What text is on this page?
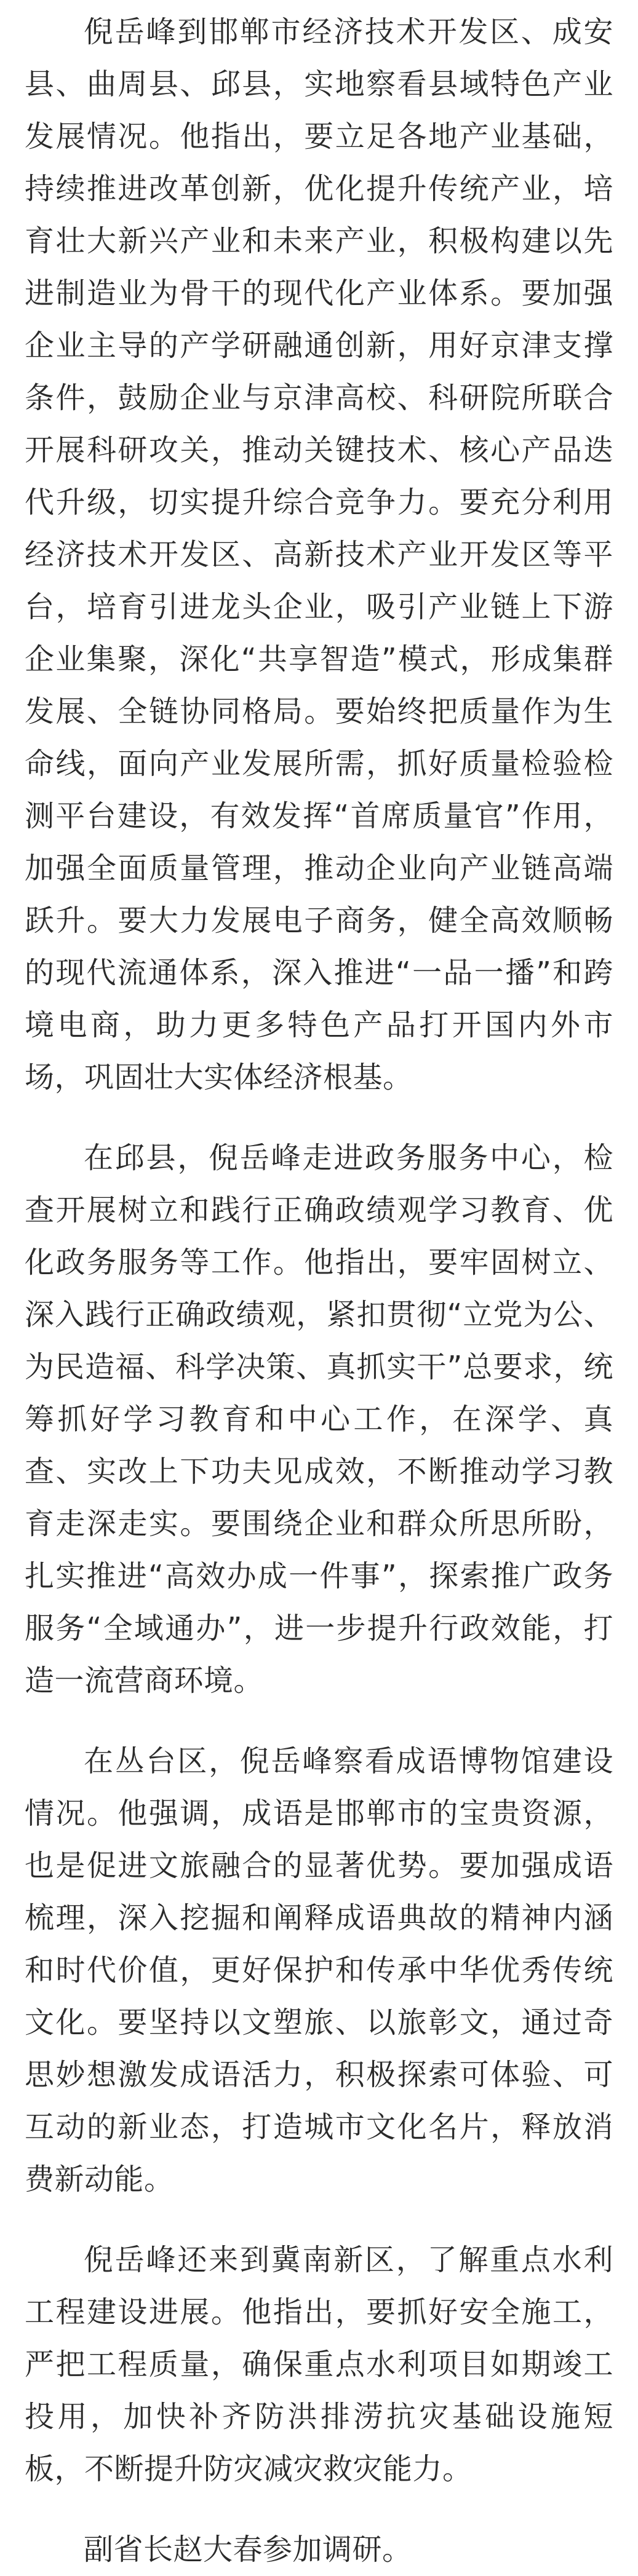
倪岳峰到邯郸市经济技术开发区、成安县、曲周县、邱县，实地察看县域特色产业发展情况。他指出，要立足各地产业基础，持续推进改革创新，优化提升传统产业，培育壮大新兴产业和未来产业，积极构建以先进制造业为骨干的现代化产业体系。要加强企业主导的产学研融通创新，用好京津支撑条件，鼓励企业与京津高校、科研院所联合开展科研攻关，推动关键技术、核心产品迭代升级，切实提升综合竞争力。要充分利用经济技术开发区、高新技术产业开发区等平台，培育引进龙头企业，吸引产业链上下游企业集聚，深化“共享智造”模式，形成集群发展、全链协同格局。要始终把质量作为生命线，面向产业发展所需，抓好质量检验检测平台建设，有效发挥“首席质量官”作用，加强全面质量管理，推动企业向产业链高端跃升。要大力发展电子商务，健全高效顺畅的现代流通体系，深入推进“一品一播”和跨境电商，助力更多特色产品打开国内外市场，巩固壮大实体经济根基。

在邱县，倪岳峰走进政务服务中心，检查开展树立和践行正确政绩观学习教育、优化政务服务等工作。他指出，要牢固树立、深入践行正确政绩观，紧扣贯彻“立党为公、为民造福、科学决策、真抓实干”总要求，统筹抓好学习教育和中心工作，在深学、真查、实改上下功夫见成效，不断推动学习教育走深走实。要围绕企业和群众所思所盼，扎实推进“高效办成一件事”，探索推广政务服务“全域通办”，进一步提升行政效能，打造一流营商环境。

在丛台区，倪岳峰察看成语博物馆建设情况。他强调，成语是邯郸市的宝贵资源，也是促进文旅融合的显著优势。要加强成语梳理，深入挖掘和阐释成语典故的精神内涵和时代价值，更好保护和传承中华优秀传统文化。要坚持以文塑旅、以旅彰文，通过奇思妙想激发成语活力，积极探索可体验、可互动的新业态，打造城市文化名片，释放消费新动能。

倪岳峰还来到冀南新区，了解重点水利工程建设进展。他指出，要抓好安全施工，严把工程质量，确保重点水利项目如期竣工投用，加快补齐防洪排涝抗灾基础设施短板，不断提升防灾减灾救灾能力。

副省长赵大春参加调研。
